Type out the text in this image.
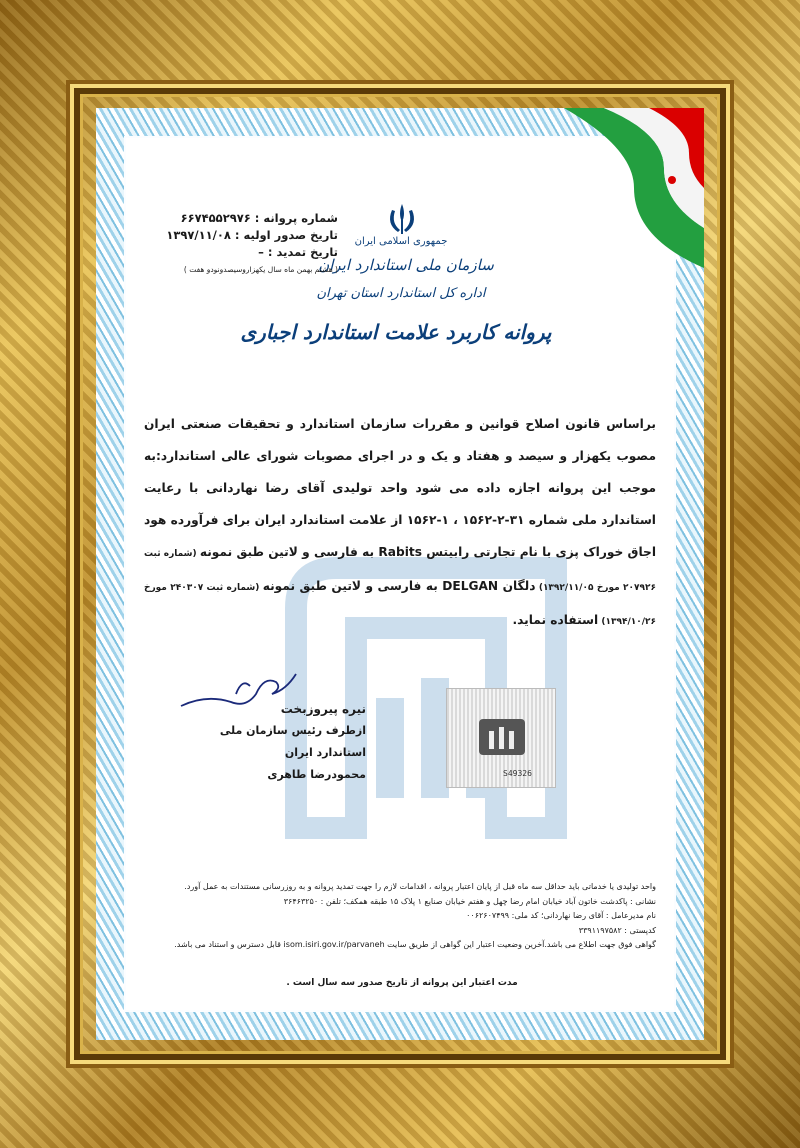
جمهوری اسلامی ایران
سازمان ملی استاندارد ایران
اداره کل استاندارد استان تهران
پروانه کاربرد علامت استاندارد اجباری
شماره پروانه : ۶۶۷۴۵۵۲۹۷۶
تاریخ صدور اولیه : ۱۳۹۷/۱۱/۰۸
تاریخ تمدید : –
( هشتم بهمن ماه سال یکهزاروسیصدونودو هفت )
براساس قانون اصلاح قوانین و مقررات سازمان استاندارد و تحقیقات صنعتی ایران مصوب یکهزار و سیصد و هفتاد و یک و در اجرای مصوبات شورای عالی استاندارد:به موجب این پروانه اجازه داده می شود واحد تولیدی آقای رضا نهاردانی با رعایت استاندارد ملی شماره ۳۱-۲-۱۵۶۲ ، ۱-۱۵۶۲ از علامت استاندارد ایران برای فرآورده هود اجاق خوراک پزی با نام تجارتی رابیتس Rabits به فارسی و لاتین طبق نمونه (شماره ثبت ۲۰۷۹۲۶ مورخ ۱۳۹۲/۱۱/۰۵) دلگان DELGAN به فارسی و لاتین طبق نمونه (شماره ثبت ۲۴۰۳۰۷ مورخ ۱۳۹۴/۱۰/۲۶) استفاده نماید.
نیره پیروزبخت
ازطرف رئیس سازمان ملی استاندارد ایران
محمودرضا طاهری	S49326
واحد تولیدی یا خدماتی باید حداقل سه ماه قبل از پایان اعتبار پروانه ، اقدامات لازم را جهت تمدید پروانه و به روزرسانی مستندات به عمل آورد.
نشانی : پاکدشت خاتون آباد خیابان امام رضا چهل و هفتم خیابان صنایع ۱ پلاک ۱۵ طبقه همکف؛ تلفن : ۳۶۴۶۳۲۵۰
نام مدیرعامل : آقای رضا نهاردانی؛ کد ملی: ۰۰۶۲۶۰۷۴۹۹
کدپستی : ۳۳۹۱۱۹۷۵۸۲
گواهی فوق جهت اطلاع می باشد.آخرین وضعیت اعتبار این گواهی از طریق سایت isom.isiri.gov.ir/parvaneh قابل دسترس و استناد می باشد.
مدت اعتبار این پروانه از تاریخ صدور سه سال است .
